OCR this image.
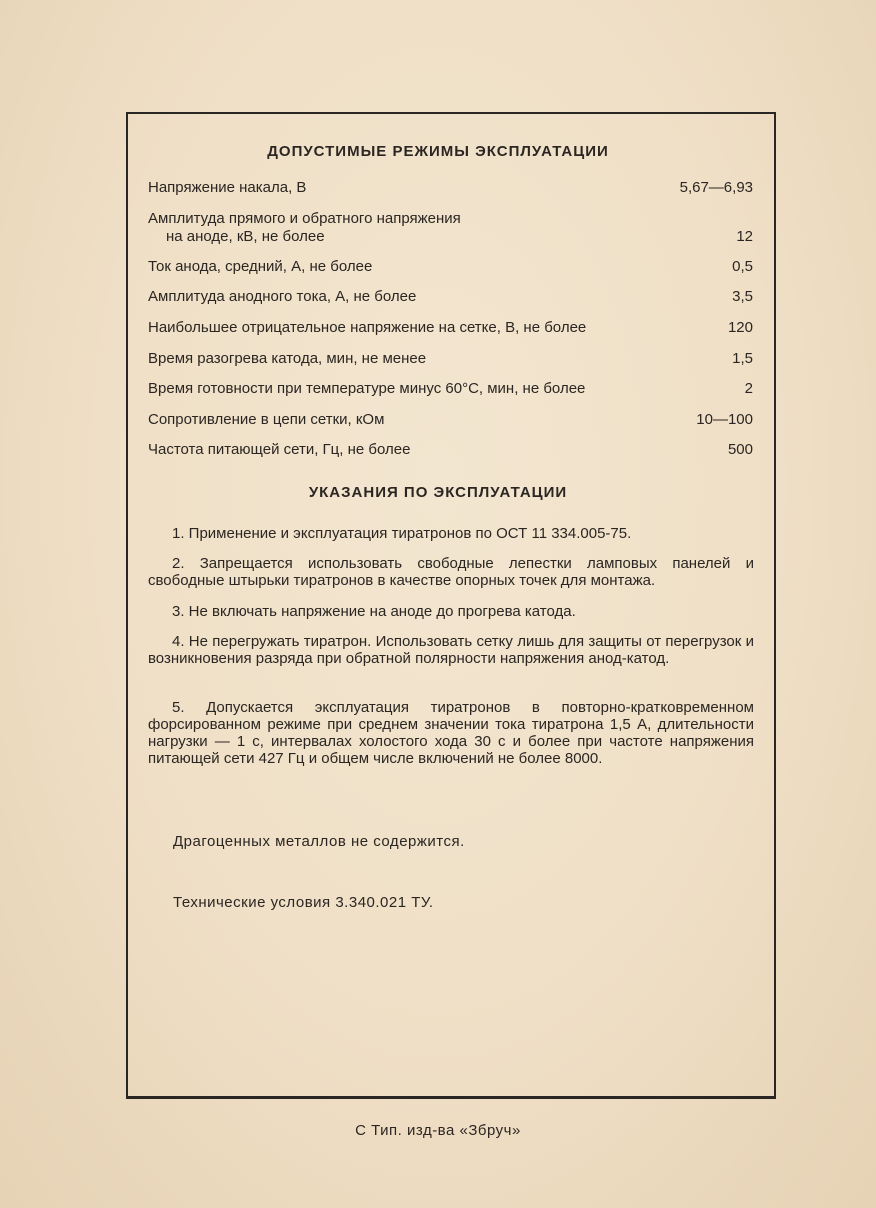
ДОПУСТИМЫЕ РЕЖИМЫ ЭКСПЛУАТАЦИИ
Напряжение накала, В	5,67—6,93
Амплитуда прямого и обратного напряжения
на аноде, кВ, не более	12
Ток анода, средний, А, не более	0,5
Амплитуда анодного тока, А, не более	3,5
Наибольшее отрицательное напряжение на сетке, В, не более	120
Время разогрева катода, мин, не менее	1,5
Время готовности при температуре минус 60°С, мин, не более	2
Сопротивление в цепи сетки, кОм	10—100
Частота питающей сети, Гц, не более	500
УКАЗАНИЯ ПО ЭКСПЛУАТАЦИИ
1. Применение и эксплуатация тиратронов по ОСТ 11 334.005-75.
2. Запрещается использовать свободные лепестки ламповых панелей и свободные штырьки тиратронов в качестве опорных точек для монтажа.
3. Не включать напряжение на аноде до прогрева катода.
4. Не перегружать тиратрон. Использовать сетку лишь для защиты от перегрузок и возникновения разряда при обратной полярности напряжения анод-катод.
5. Допускается эксплуатация тиратронов в повторно-кратковременном форсированном режиме при среднем значении тока тиратрона 1,5 А, длительности нагрузки — 1 с, интервалах холостого хода 30 с и более при частоте напряжения питающей сети 427 Гц и общем числе включений не более 8000.
Драгоценных металлов не содержится.
Технические условия 3.340.021 ТУ.
С Тип. изд-ва «Збруч»
